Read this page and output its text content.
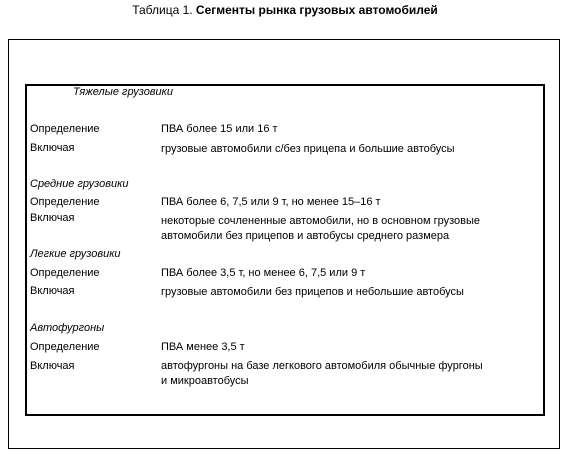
Таблица 1. Сегменты рынка грузовых автомобилей
Тяжелые грузовики
Определение	ПВА более 15 или 16 т
Включая	грузовые автомобили с/без прицепа и большие автобусы
Средние грузовики
Определение	ПВА более 6, 7,5 или 9 т, но менее 15–16 т
Включая	некоторые сочлененные автомобили, но в основном грузовые
автомобили без прицепов и автобусы среднего размера
Легкие грузовики
Определение	ПВА более 3,5 т, но менее 6, 7,5 или 9 т
Включая	грузовые автомобили без прицепов и небольшие автобусы
Автофургоны
Определение	ПВА менее 3,5 т
Включая	автофургоны на базе легкового автомобиля обычные фургоны
и микроавтобусы
